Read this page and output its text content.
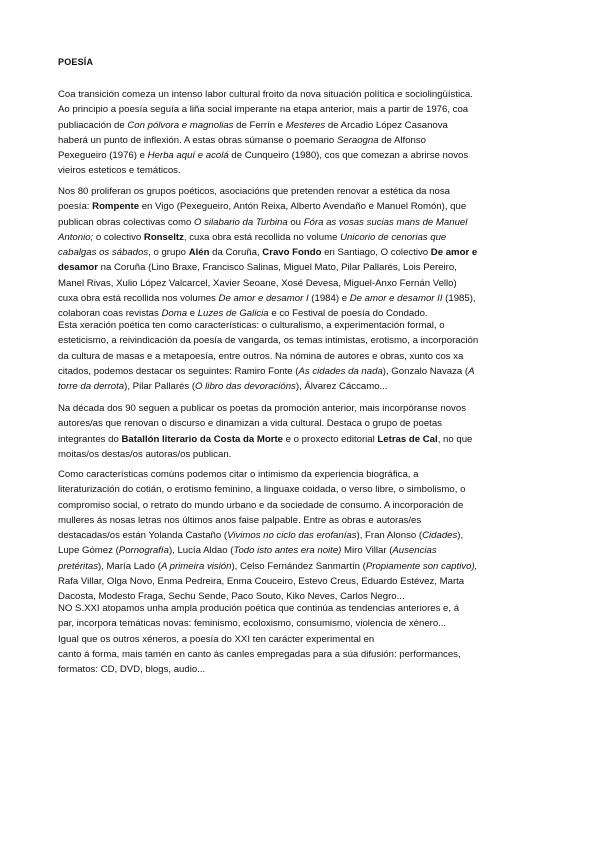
POESÍA
Coa transición comeza un intenso labor cultural froito da nova situación política e sociolingüística.
Ao principio a poesía seguía a liña social imperante na etapa anterior, mais a partir de 1976, coa
publiacación de Con pólvora e magnolias de Ferrín e Mesteres de Arcadio López Casanova
haberá un punto de inflexión. A estas obras súmanse o poemario Seraogna de Alfonso
Pexegueiro (1976) e Herba aquí e acolá de Cunqueiro (1980), cos que comezan a abrirse novos
vieiros esteticos e temáticos.
Nos 80 proliferan os grupos poéticos, asociacións que pretenden renovar a estética da nosa
poesía: Rompente en Vigo (Pexegueiro, Antón Reixa, Alberto Avendaño e Manuel Romón), que
publican obras colectivas como O silabario da Turbina ou Fóra as vosas sucias mans de Manuel
Antonio; o colectivo Ronseltz, cuxa obra está recollida no volume Unicorio de cenorias que
cabalgas os sábados, o grupo Alén da Coruña, Cravo Fondo en Santiago, O colectivo De amor e
desamor na Coruña (Lino Braxe, Francisco Salinas, Miguel Mato, Pilar Pallarés, Lois Pereiro,
Manel Rivas, Xulio López Valcarcel, Xavier Seoane, Xosé Devesa, Miguel-Anxo Fernán Vello)
cuxa obra está recollida nos volumes De amor e desamor I (1984) e De amor e desamor II (1985),
colaboran coas revistas Doma e Luzes de Galicia e co Festival de poesía do Condado.
Esta xeración poética ten como características: o culturalismo, a experimentación formal, o
esteticismo, a reivindicación da poesía de vangarda, os temas intimistas, erotismo, a incorporación
da cultura de masas e a metapoesía, entre outros. Na nómina de autores e obras, xunto cos xa
citados, podemos destacar os seguintes: Ramiro Fonte (As cidades da nada), Gonzalo Navaza (A
torre da derrota), Pilar Pallarés (O libro das devoracións), Álvarez Cáccamo...
Na década dos 90 seguen a publicar os poetas da promoción anterior, mais incorpóranse novos
autores/as que renovan o discurso e dinamizan a vida cultural. Destaca o grupo de poetas
integrantes do Batallón literario da Costa da Morte e o proxecto editorial Letras de Cal, no que
moitas/os destas/os autoras/os publican.
Como características comúns podemos citar o intimismo da experiencia biográfica, a
literaturización do cotián, o erotismo feminino, a linguaxe coidada, o verso libre, o simbolismo, o
compromiso social, o retrato do mundo urbano e da sociedade de consumo. A incorporación de
mulleres ás nosas letras nos últimos anos faise palpable. Entre as obras e autoras/es
destacadas/os están Yolanda Castaño (Vivimos no ciclo das erofanías), Fran Alonso (Cidades),
Lupe Gómez (Pornografía), Lucía Aldao (Todo isto antes era noite) Miro Villar (Ausencias
pretéritas), María Lado (A primeira visión), Celso Fernández Sanmartín (Propiamente son captivo),
Rafa Villar, Olga Novo, Enma Pedreira, Enma Couceiro, Estevo Creus, Eduardo Estévez, Marta
Dacosta, Modesto Fraga, Sechu Sende, Paco Souto, Kiko Neves, Carlos Negro...
NO S.XXI atopamos unha ampla produción poética que continúa as tendencias anteriores e, á
par, incorpora temáticas novas: feminismo, ecoloxismo, consumismo, violencia de xénero...
Igual que os outros xéneros, a poesía do XXI ten carácter experimental en
canto á forma, mais tamén en canto ás canles empregadas para a súa difusión: performances,
formatos: CD, DVD, blogs, audio...
